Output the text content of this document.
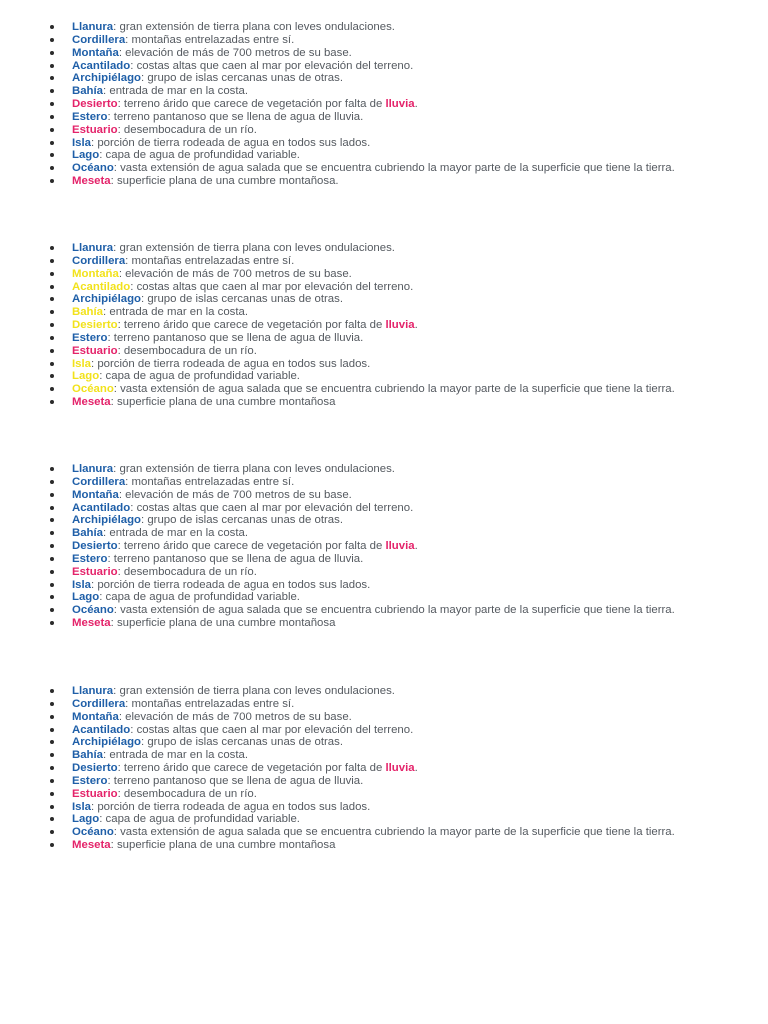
Llanura: gran extensión de tierra plana con leves ondulaciones.
Cordillera: montañas entrelazadas entre sí.
Montaña: elevación de más de 700 metros de su base.
Acantilado: costas altas que caen al mar por elevación del terreno.
Archipiélago: grupo de islas cercanas unas de otras.
Bahía: entrada de mar en la costa.
Desierto: terreno árido que carece de vegetación por falta de lluvia.
Estero: terreno pantanoso que se llena de agua de lluvia.
Estuario: desembocadura de un río.
Isla: porción de tierra rodeada de agua en todos sus lados.
Lago: capa de agua de profundidad variable.
Océano: vasta extensión de agua salada que se encuentra cubriendo la mayor parte de la superficie que tiene la tierra.
Meseta: superficie plana de una cumbre montañosa.
Llanura: gran extensión de tierra plana con leves ondulaciones.
Cordillera: montañas entrelazadas entre sí.
Montaña: elevación de más de 700 metros de su base.
Acantilado: costas altas que caen al mar por elevación del terreno.
Archipiélago: grupo de islas cercanas unas de otras.
Bahía: entrada de mar en la costa.
Desierto: terreno árido que carece de vegetación por falta de lluvia.
Estero: terreno pantanoso que se llena de agua de lluvia.
Estuario: desembocadura de un río.
Isla: porción de tierra rodeada de agua en todos sus lados.
Lago: capa de agua de profundidad variable.
Océano: vasta extensión de agua salada que se encuentra cubriendo la mayor parte de la superficie que tiene la tierra.
Meseta: superficie plana de una cumbre montañosa
Llanura: gran extensión de tierra plana con leves ondulaciones.
Cordillera: montañas entrelazadas entre sí.
Montaña: elevación de más de 700 metros de su base.
Acantilado: costas altas que caen al mar por elevación del terreno.
Archipiélago: grupo de islas cercanas unas de otras.
Bahía: entrada de mar en la costa.
Desierto: terreno árido que carece de vegetación por falta de lluvia.
Estero: terreno pantanoso que se llena de agua de lluvia.
Estuario: desembocadura de un río.
Isla: porción de tierra rodeada de agua en todos sus lados.
Lago: capa de agua de profundidad variable.
Océano: vasta extensión de agua salada que se encuentra cubriendo la mayor parte de la superficie que tiene la tierra.
Meseta: superficie plana de una cumbre montañosa
Llanura: gran extensión de tierra plana con leves ondulaciones.
Cordillera: montañas entrelazadas entre sí.
Montaña: elevación de más de 700 metros de su base.
Acantilado: costas altas que caen al mar por elevación del terreno.
Archipiélago: grupo de islas cercanas unas de otras.
Bahía: entrada de mar en la costa.
Desierto: terreno árido que carece de vegetación por falta de lluvia.
Estero: terreno pantanoso que se llena de agua de lluvia.
Estuario: desembocadura de un río.
Isla: porción de tierra rodeada de agua en todos sus lados.
Lago: capa de agua de profundidad variable.
Océano: vasta extensión de agua salada que se encuentra cubriendo la mayor parte de la superficie que tiene la tierra.
Meseta: superficie plana de una cumbre montañosa
